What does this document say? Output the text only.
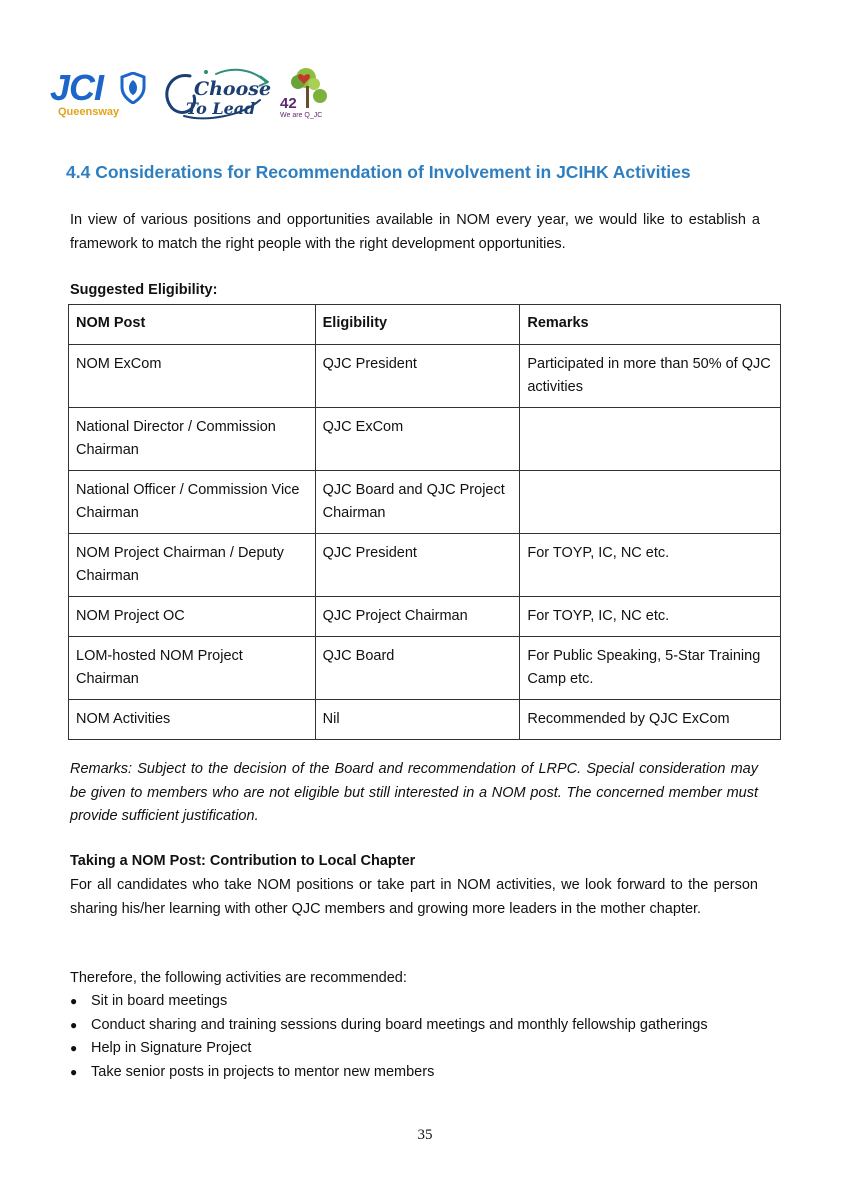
JCI
Queensway
Choose
To Lead 42
We are Q_JC
4.4 Considerations for Recommendation of Involvement in JCIHK Activities

In view of various positions and opportunities available in NOM every year, we would like to establish a framework to match the right people with the right development opportunities.

Suggested Eligibility:

NOM Post	Eligibility	Remarks
NOM ExCom	QJC President	Participated in more than 50% of QJC activities
National Director / Commission Chairman	QJC ExCom	
National Officer / Commission Vice Chairman	QJC Board and QJC Project Chairman	
NOM Project Chairman / Deputy Chairman	QJC President	For TOYP, IC, NC etc.
NOM Project OC	QJC Project Chairman	For TOYP, IC, NC etc.
LOM-hosted NOM Project Chairman	QJC Board	For Public Speaking, 5-Star Training Camp etc.
NOM Activities	Nil	Recommended by QJC ExCom

Remarks: Subject to the decision of the Board and recommendation of LRPC. Special consideration may be given to members who are not eligible but still interested in a NOM post. The concerned member must provide sufficient justification.

Taking a NOM Post: Contribution to Local Chapter

For all candidates who take NOM positions or take part in NOM activities, we look forward to the person sharing his/her learning with other QJC members and growing more leaders in the mother chapter.

Therefore, the following activities are recommended:

● Sit in board meetings
● Conduct sharing and training sessions during board meetings and monthly fellowship gatherings
● Help in Signature Project
● Take senior posts in projects to mentor new members
35
